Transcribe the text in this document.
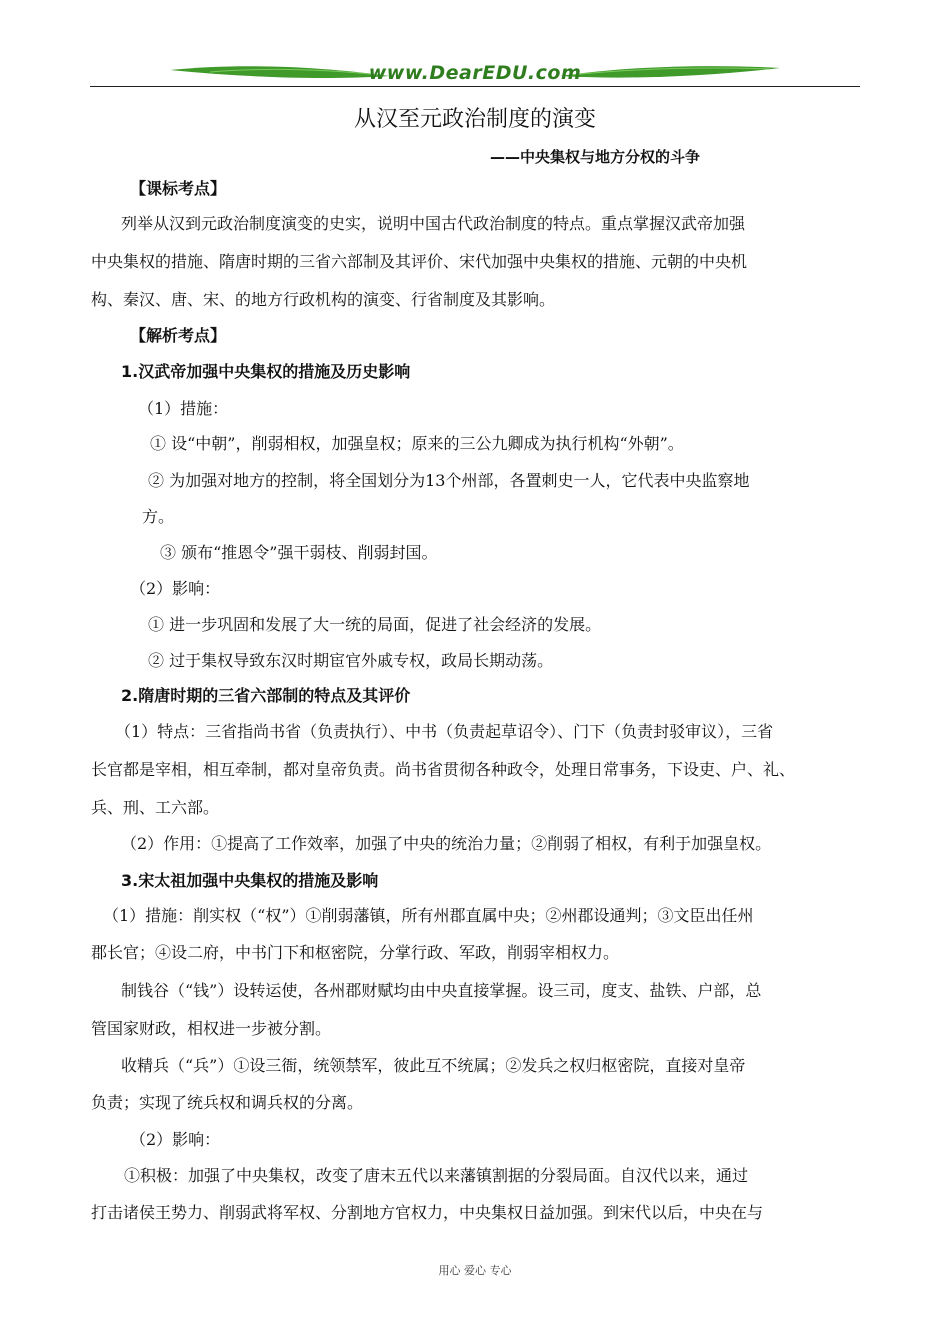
www.DearEDU.com
从汉至元政治制度的演变
——中央集权与地方分权的斗争
【课标考点】
列举从汉到元政治制度演变的史实，说明中国古代政治制度的特点。重点掌握汉武帝加强
中央集权的措施、隋唐时期的三省六部制及其评价、宋代加强中央集权的措施、元朝的中央机
构、秦汉、唐、宋、的地方行政机构的演变、行省制度及其影响。
【解析考点】
1.汉武帝加强中央集权的措施及历史影响
（1）措施：
① 设“中朝”，削弱相权，加强皇权；原来的三公九卿成为执行机构“外朝”。
② 为加强对地方的控制，将全国划分为13个州部，各置刺史一人，它代表中央监察地
方。
③ 颁布“推恩令”强干弱枝、削弱封国。
（2）影响：
① 进一步巩固和发展了大一统的局面，促进了社会经济的发展。
② 过于集权导致东汉时期宦官外戚专权，政局长期动荡。
2.隋唐时期的三省六部制的特点及其评价
（1）特点：三省指尚书省（负责执行）、中书（负责起草诏令）、门下（负责封驳审议），三省
长官都是宰相，相互牵制，都对皇帝负责。尚书省贯彻各种政令，处理日常事务，下设吏、户、礼、
兵、刑、工六部。
（2）作用：①提高了工作效率，加强了中央的统治力量；②削弱了相权，有利于加强皇权。
3.宋太祖加强中央集权的措施及影响
（1）措施：削实权（“权”）①削弱藩镇，所有州郡直属中央；②州郡设通判；③文臣出任州
郡长官；④设二府，中书门下和枢密院，分掌行政、军政，削弱宰相权力。
制钱谷（“钱”）设转运使，各州郡财赋均由中央直接掌握。设三司，度支、盐铁、户部，总
管国家财政，相权进一步被分割。
收精兵（“兵”）①设三衙，统领禁军，彼此互不统属；②发兵之权归枢密院，直接对皇帝
负责；实现了统兵权和调兵权的分离。
（2）影响：
①积极：加强了中央集权，改变了唐末五代以来藩镇割据的分裂局面。自汉代以来，通过
打击诸侯王势力、削弱武将军权、分割地方官权力，中央集权日益加强。到宋代以后，中央在与
用心 爱心 专心
